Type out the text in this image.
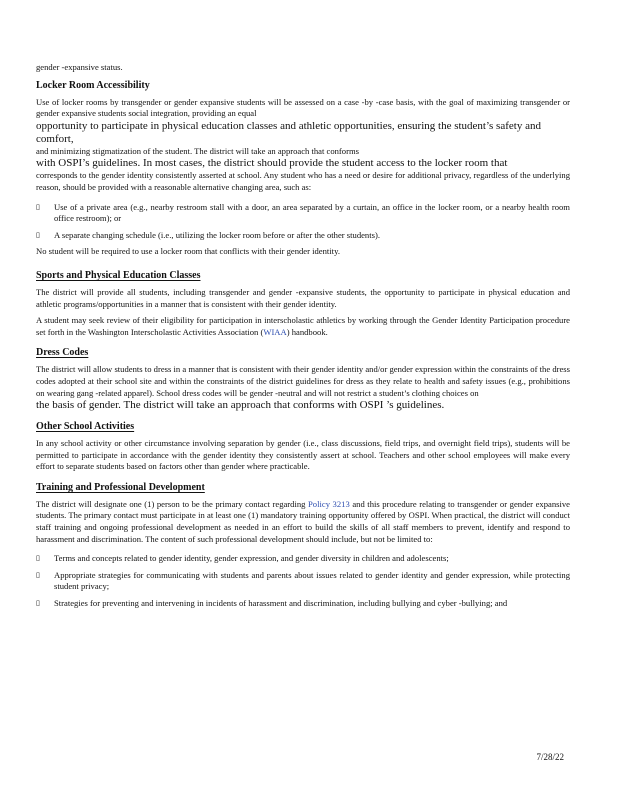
gender -expansive status.

Locker Room Accessibility

Use of locker rooms by transgender or gender expansive students will be assessed on a case -by -case basis, with the goal of maximizing transgender or gender expansive students social integration, providing an equal

opportunity to participate in physical education classes and athletic opportunities, ensuring the student’s safety and comfort,

and minimizing stigmatization of the student. The district will take an approach that conforms

with OSPI’s guidelines. In most cases, the district should provide the student access to the locker room that

corresponds to the gender identity consistently asserted at school. Any student who has a need or desire for additional privacy, regardless of the underlying reason, should be provided with a reasonable alternative changing area, such as:

▯ Use of a private area (e.g., nearby restroom stall with a door, an area separated by a curtain, an office in the locker room, or a nearby health room office restroom); or
▯ A separate changing schedule (i.e., utilizing the locker room before or after the other students).

No student will be required to use a locker room that conflicts with their gender identity.

Sports and Physical Education Classes

The district will provide all students, including transgender and gender -expansive students, the opportunity to participate in physical education and athletic programs/opportunities in a manner that is consistent with their gender identity.

A student may seek review of their eligibility for participation in interscholastic athletics by working through the Gender Identity Participation procedure set forth in the Washington Interscholastic Activities Association (WIAA) handbook.

Dress Codes

The district will allow students to dress in a manner that is consistent with their gender identity and/or gender expression within the constraints of the dress codes adopted at their school site and within the constraints of the district guidelines for dress as they relate to health and safety issues (e.g., prohibitions on wearing gang -related apparel). School dress codes will be gender -neutral and will not restrict a student’s clothing choices on

the basis of gender. The district will take an approach that conforms with OSPI ’s guidelines.

Other School Activities

In any school activity or other circumstance involving separation by gender (i.e., class discussions, field trips, and overnight field trips), students will be permitted to participate in accordance with the gender identity they consistently assert at school. Teachers and other school employees will make every effort to separate students based on factors other than gender where practicable.

Training and Professional Development

The district will designate one (1) person to be the primary contact regarding Policy 3213 and this procedure relating to transgender or gender expansive students. The primary contact must participate in at least one (1) mandatory training opportunity offered by OSPI. When practical, the district will conduct staff training and ongoing professional development as needed in an effort to build the skills of all staff members to prevent, identify and respond to harassment and discrimination. The content of such professional development should include, but not be limited to:

▯ Terms and concepts related to gender identity, gender expression, and gender diversity in children and adolescents;
▯ Appropriate strategies for communicating with students and parents about issues related to gender identity and gender expression, while protecting student privacy;
▯ Strategies for preventing and intervening in incidents of harassment and discrimination, including bullying and cyber -bullying; and
7/28/22
